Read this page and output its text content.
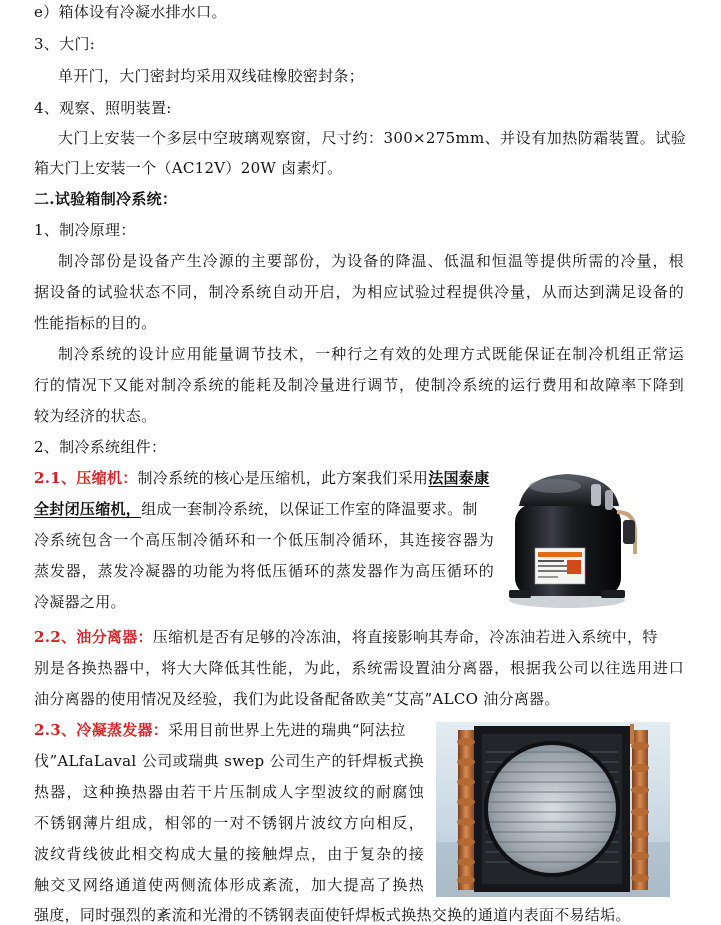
e）箱体设有冷凝水排水口。
3、大门:
单开门，大门密封均采用双线硅橡胶密封条；
4、观察、照明装置:
大门上安装一个多层中空玻璃观察窗，尺寸约：300×275mm、并设有加热防霜装置。试验
箱大门上安装一个（AC12V）20W 卤素灯。
二.试验箱制冷系统：
1、制冷原理：
制冷部份是设备产生冷源的主要部份，为设备的降温、低温和恒温等提供所需的冷量，根
据设备的试验状态不同，制冷系统自动开启，为相应试验过程提供冷量，从而达到满足设备的
性能指标的目的。
制冷系统的设计应用能量调节技术，一种行之有效的处理方式既能保证在制冷机组正常运
行的情况下又能对制冷系统的能耗及制冷量进行调节，使制冷系统的运行费用和故障率下降到
较为经济的状态。
2、制冷系统组件：
2.1、压缩机：制冷系统的核心是压缩机，此方案我们采用法国泰康
全封闭压缩机，组成一套制冷系统，以保证工作室的降温要求。制
冷系统包含一个高压制冷循环和一个低压制冷循环，其连接容器为
蒸发器，蒸发冷凝器的功能为将低压循环的蒸发器作为高压循环的
冷凝器之用。
2.2、油分离器：压缩机是否有足够的冷冻油，将直接影响其寿命，冷冻油若进入系统中，特
别是各换热器中，将大大降低其性能，为此，系统需设置油分离器，根据我公司以往选用进口
油分离器的使用情况及经验，我们为此设备配备欧美“艾高”ALCO 油分离器。
2.3、冷凝蒸发器：采用目前世界上先进的瑞典“阿法拉
伐”ALfaLaval 公司或瑞典 swep 公司生产的钎焊板式换
热器，这种换热器由若干片压制成人字型波纹的耐腐蚀
不锈钢薄片组成，相邻的一对不锈钢片波纹方向相反，
波纹背线彼此相交构成大量的接触焊点，由于复杂的接
触交叉网络通道使两侧流体形成紊流，加大提高了换热
强度，同时强烈的紊流和光滑的不锈钢表面使钎焊板式换热交换的通道内表面不易结垢。
